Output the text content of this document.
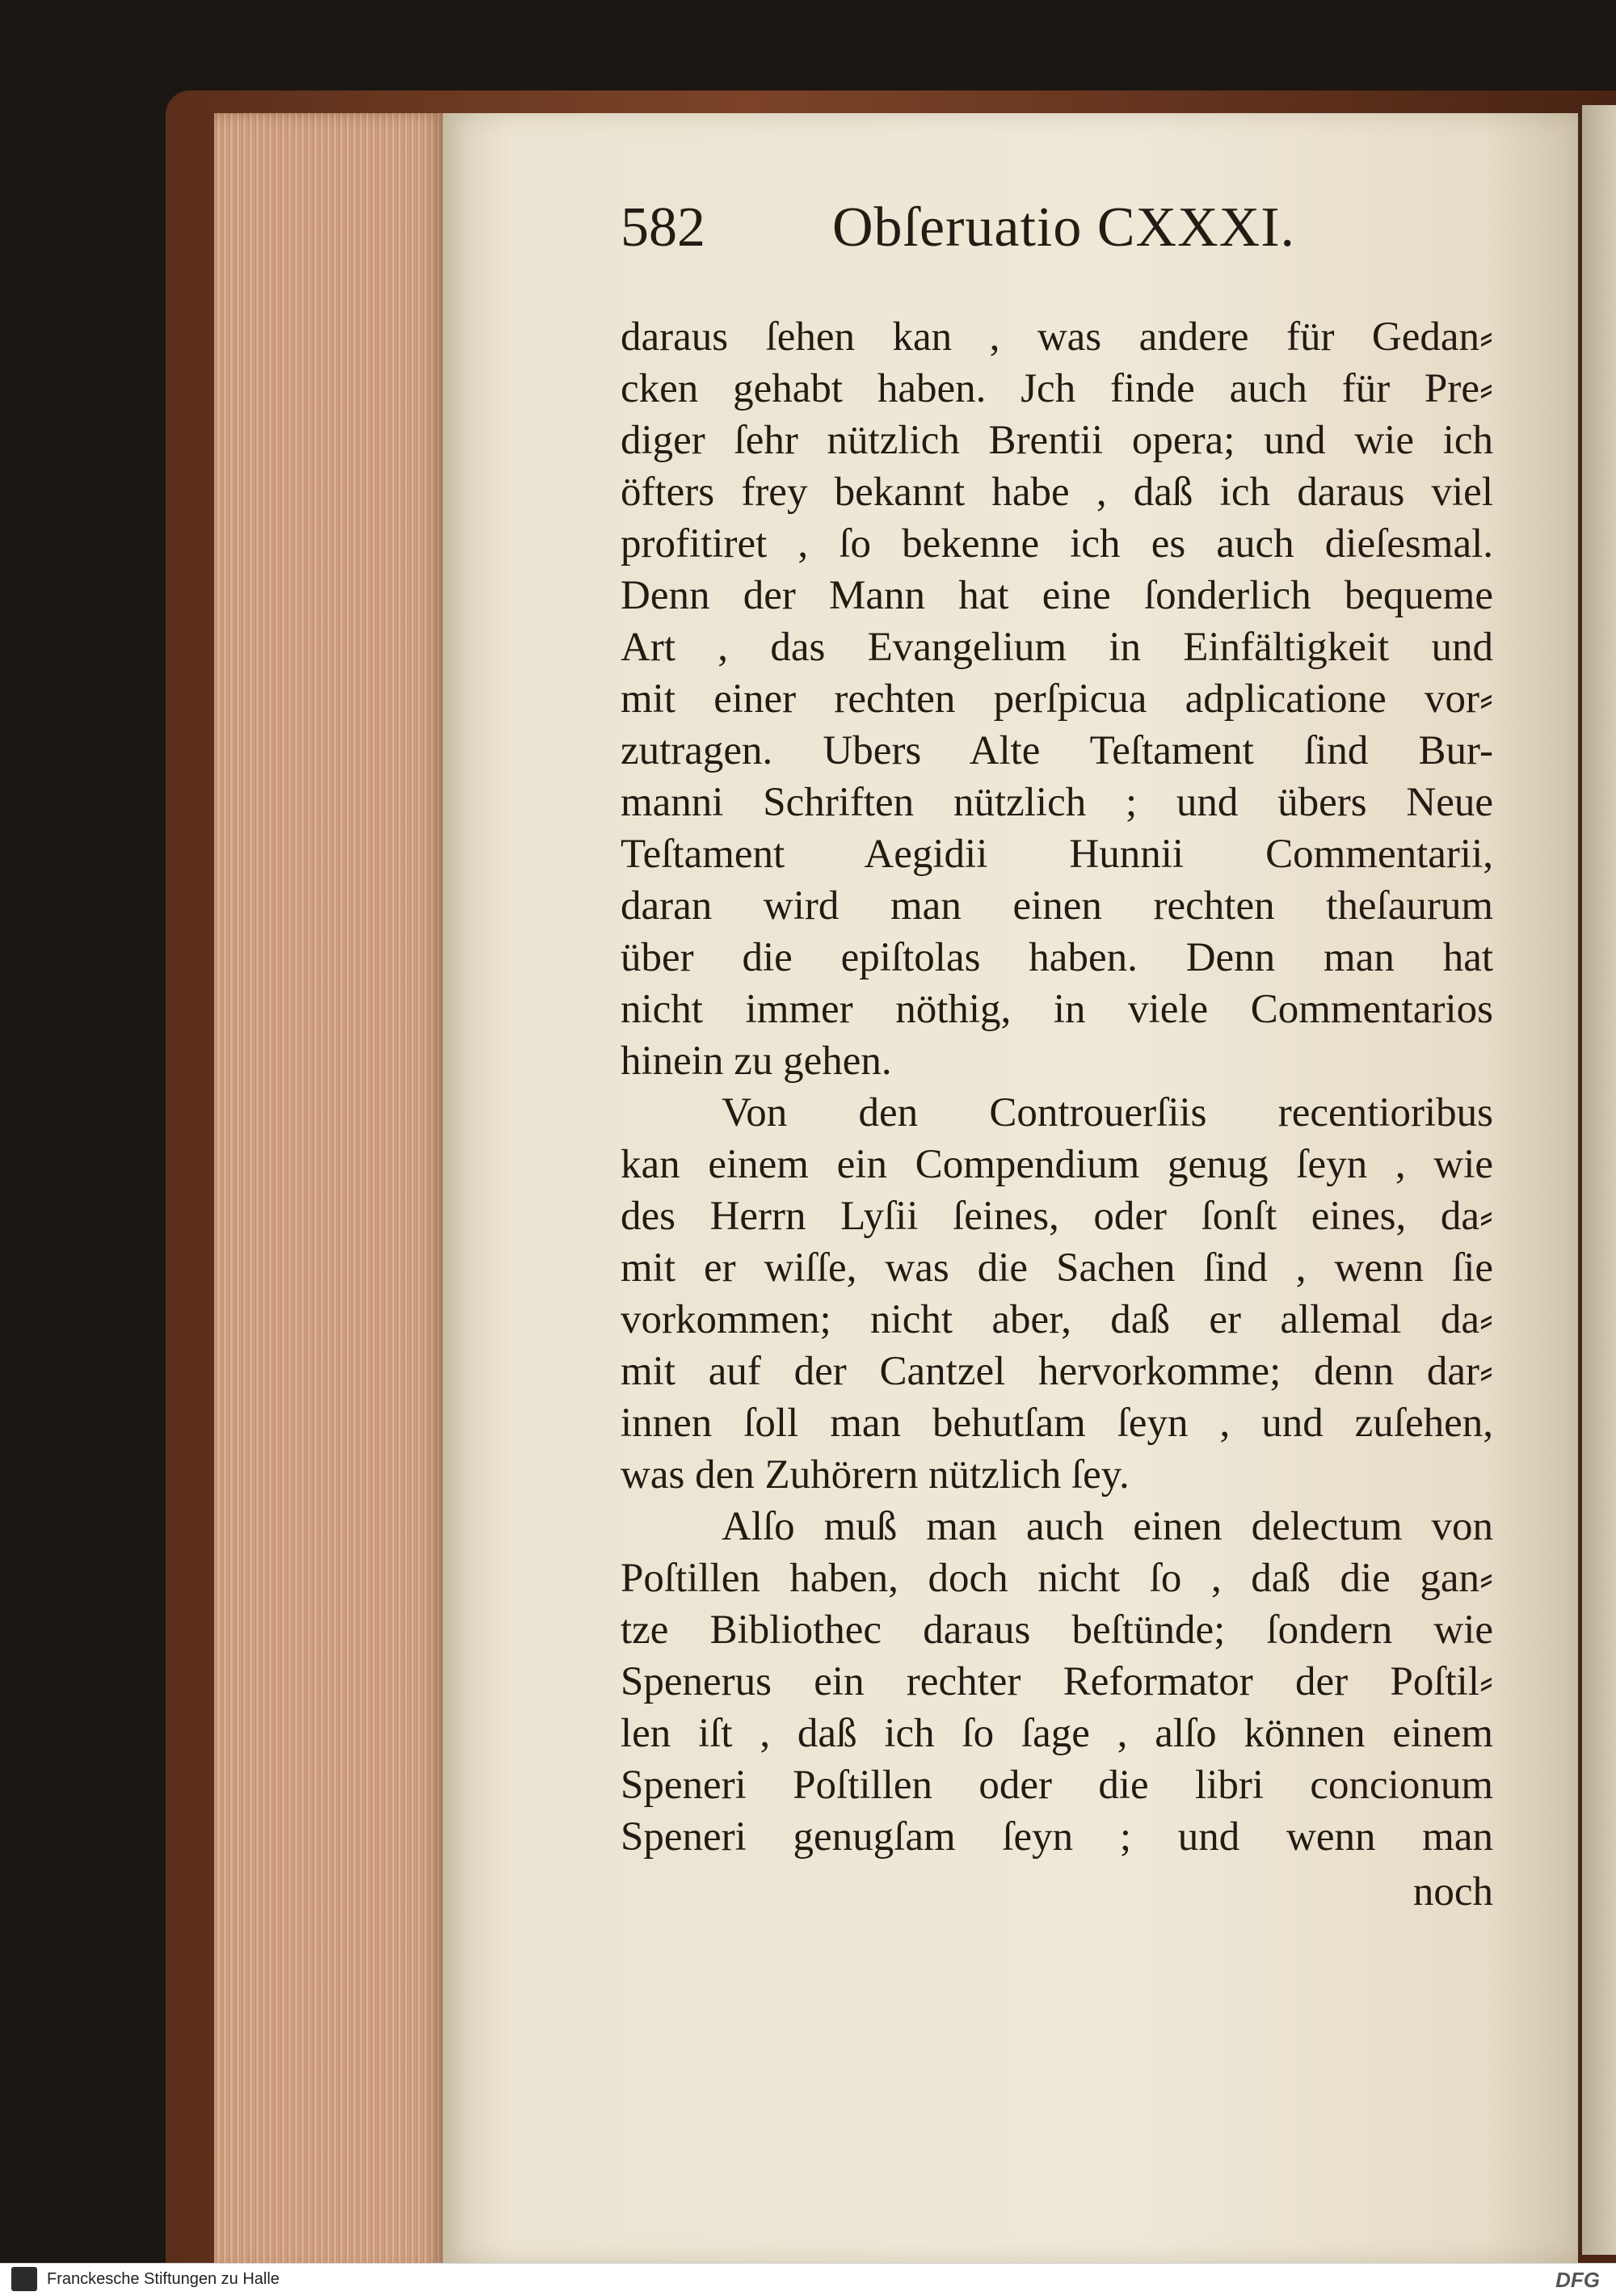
582 Obſeruatio CXXXI.
daraus ſehen kan , was andere für Gedan⸗
cken gehabt haben. Jch finde auch für Pre⸗
diger ſehr nützlich Brentii opera; und wie ich
öfters frey bekannt habe , daß ich daraus viel
profitiret , ſo bekenne ich es auch dieſesmal.
Denn der Mann hat eine ſonderlich bequeme
Art , das Evangelium in Einfältigkeit und
mit einer rechten perſpicua adplicatione vor⸗
zutragen. Ubers Alte Teſtament ſind Bur-
manni Schriften nützlich ; und übers Neue
Teſtament Aegidii Hunnii Commentarii,
daran wird man einen rechten theſaurum
über die epiſtolas haben. Denn man hat
nicht immer nöthig, in viele Commentarios
hinein zu gehen.
Von den Controuerſiis recentioribus
kan einem ein Compendium genug ſeyn , wie
des Herrn Lyſii ſeines, oder ſonſt eines, da⸗
mit er wiſſe, was die Sachen ſind , wenn ſie
vorkommen; nicht aber, daß er allemal da⸗
mit auf der Cantzel hervorkomme; denn dar⸗
innen ſoll man behutſam ſeyn , und zuſehen,
was den Zuhörern nützlich ſey.
Alſo muß man auch einen delectum von
Poſtillen haben, doch nicht ſo , daß die gan⸗
tze Bibliothec daraus beſtünde; ſondern wie
Spenerus ein rechter Reformator der Poſtil⸗
len iſt , daß ich ſo ſage , alſo können einem
Speneri Poſtillen oder die libri concionum
Speneri genugſam ſeyn ; und wenn man
noch
Franckesche Stiftungen zu Halle	DFG
